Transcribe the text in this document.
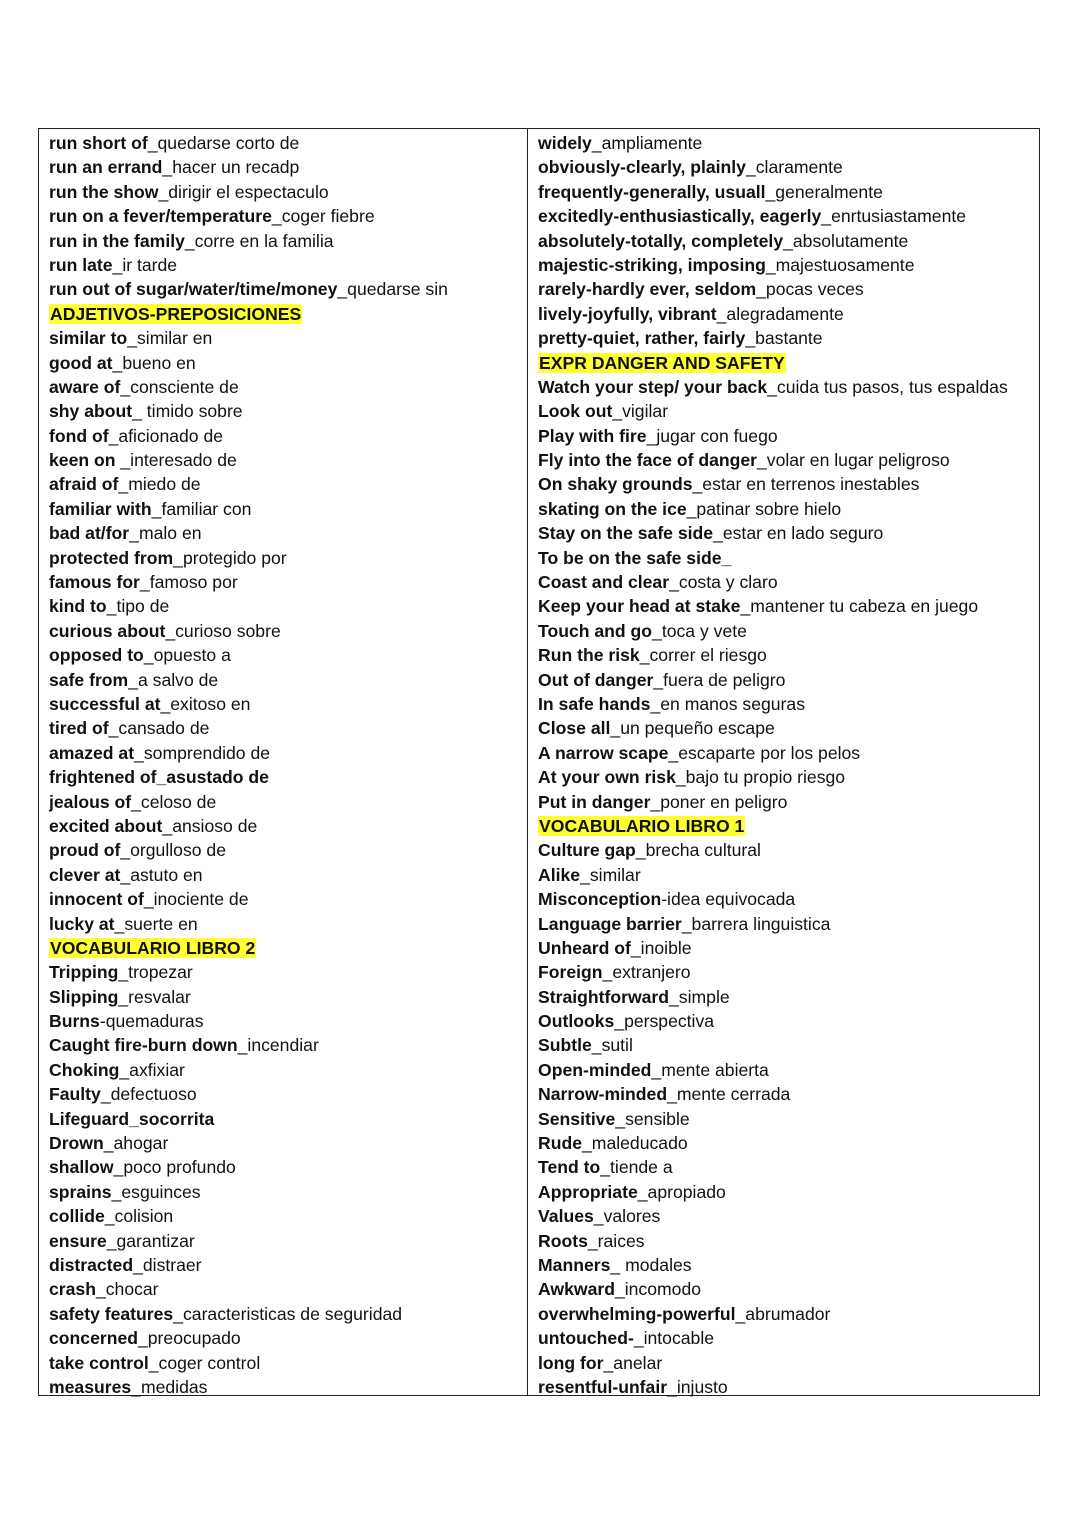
run short of_quedarse corto de
run an errand_hacer un recadp
run the show_dirigir el espectaculo
run on a fever/temperature_coger fiebre
run in the family_corre en la familia
run late_ir tarde
run out of sugar/water/time/money_quedarse sin
ADJETIVOS-PREPOSICIONES
similar to_similar en
good at_bueno en
aware of_consciente de
shy about_ timido sobre
fond of_aficionado de
keen on _interesado de
afraid of_miedo de
familiar with_familiar con
bad at/for_malo en
protected from_protegido por
famous for_famoso por
kind to_tipo de
curious about_curioso sobre
opposed to_opuesto a
safe from_a salvo de
successful at_exitoso en
tired of_cansado de
amazed at_somprendido de
frightened of_asustado de
jealous of_celoso de
excited about_ansioso de
proud of_orgulloso de
clever at_astuto en
innocent of_inociente de
lucky at_suerte en
VOCABULARIO LIBRO 2
Tripping_tropezar
Slipping_resvalar
Burns-quemaduras
Caught fire-burn down_incendiar
Choking_axfixiar
Faulty_defectuoso
Lifeguard_socorrita
Drown_ahogar
shallow_poco profundo
sprains_esguinces
collide_colision
ensure_garantizar
distracted_distraer
crash_chocar
safety features_caracteristicas de seguridad
concerned_preocupado
take control_coger control
measures_medidas
widely_ampliamente
obviously-clearly, plainly_claramente
frequently-generally, usuall_generalmente
excitedly-enthusiastically, eagerly_enrtusiastamente
absolutely-totally, completely_absolutamente
majestic-striking, imposing_majestuosamente
rarely-hardly ever, seldom_pocas veces
lively-joyfully, vibrant_alegradamente
pretty-quiet, rather, fairly_bastante
EXPR DANGER AND SAFETY
Watch your step/ your back_cuida tus pasos, tus espaldas
Look out_vigilar
Play with fire_jugar con fuego
Fly into the face of danger_volar en lugar peligroso
On shaky grounds_estar en terrenos inestables
skating on the ice_patinar sobre hielo
Stay on the safe side_estar en lado seguro
To be on the safe side_
Coast and clear_costa y claro
Keep your head at stake_mantener tu cabeza en juego
Touch and go_toca y vete
Run the risk_correr el riesgo
Out of danger_fuera de peligro
In safe hands_en manos seguras
Close all_un pequeño escape
A narrow scape_escaparte por los pelos
At your own risk_bajo tu propio riesgo
Put in danger_poner en peligro
VOCABULARIO LIBRO 1
Culture gap_brecha cultural
Alike_similar
Misconception-idea equivocada
Language barrier_barrera linguistica
Unheard of_inoible
Foreign_extranjero
Straightforward_simple
Outlooks_perspectiva
Subtle_sutil
Open-minded_mente abierta
Narrow-minded_mente cerrada
Sensitive_sensible
Rude_maleducado
Tend to_tiende a
Appropriate_apropiado
Values_valores
Roots_raices
Manners_ modales
Awkward_incomodo
overwhelming-powerful_abrumador
untouched-_intocable
long for_anelar
resentful-unfair_injusto
